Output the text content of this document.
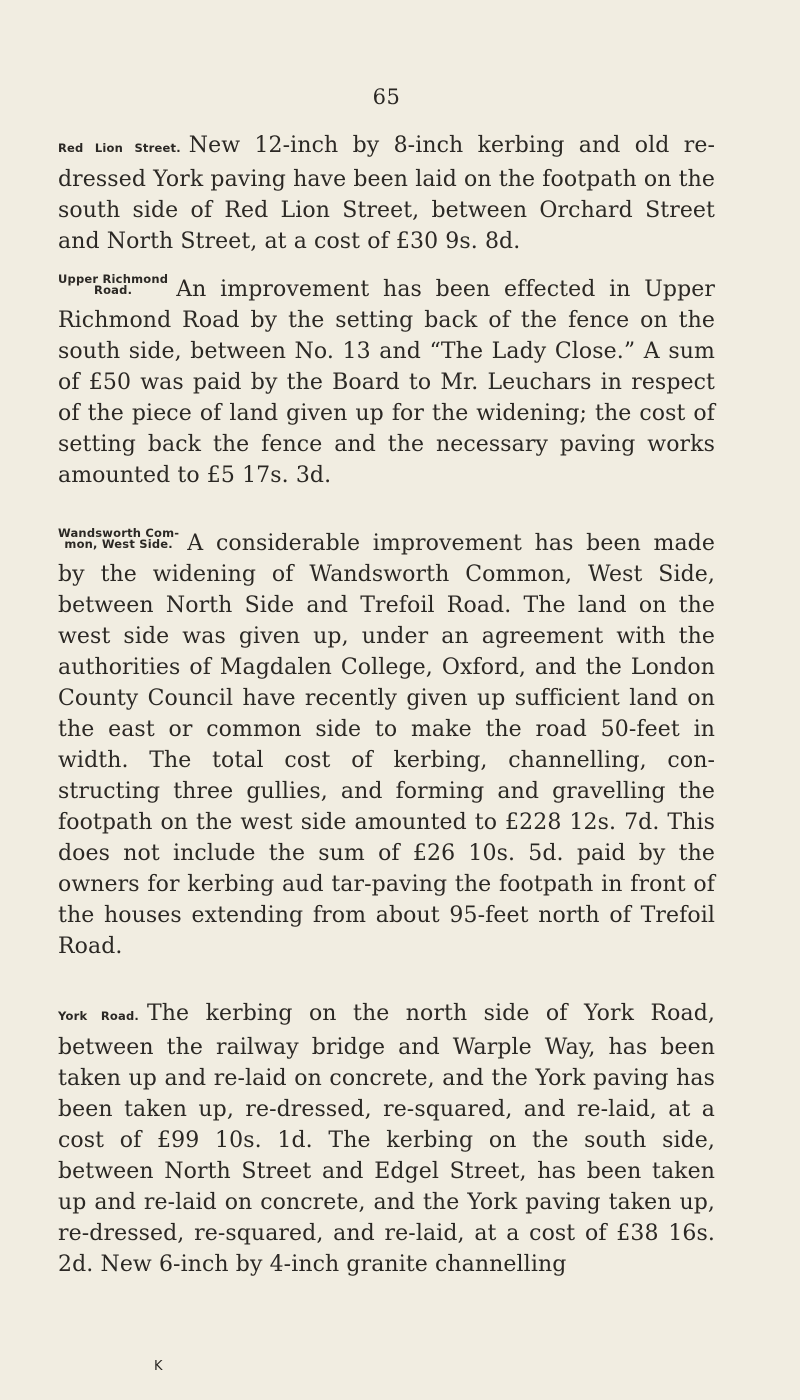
65
Red Lion Street. New 12-inch by 8-inch kerbing and old re-dressed York paving have been laid on the footpath on the south side of Red Lion Street, between Orchard Street and North Street, at a cost of £30 9s. 8d.
Upper Richmond
Road.	An improvement has been effected in Upper Richmond Road by the setting back of the fence on the south side, between No. 13 and “The Lady Close.” A sum of £50 was paid by the Board to Mr. Leuchars in respect of the piece of land given up for the widening; the cost of setting back the fence and the necessary paving works amounted to £5 17s. 3d.
Wandsworth Com-
mon, West Side. A considerable improvement has been made by the widening of Wandsworth Common, West Side, between North Side and Trefoil Road. The land on the west side was given up, under an agreement with the authorities of Magdalen College, Oxford, and the London County Council have recently given up sufficient land on the east or common side to make the road 50-feet in width. The total cost of kerbing, channelling, con-structing three gullies, and forming and gravelling the footpath on the west side amounted to £228 12s. 7d. This does not include the sum of £26 10s. 5d. paid by the owners for kerbing aud tar-paving the footpath in front of the houses extending from about 95-feet north of Trefoil Road.
York Road. The kerbing on the north side of York Road, between the railway bridge and Warple Way, has been taken up and re-laid on concrete, and the York paving has been taken up, re-dressed, re-squared, and re-laid, at a cost of £99 10s. 1d. The kerbing on the south side, between North Street and Edgel Street, has been taken up and re-laid on concrete, and the York paving taken up, re-dressed, re-squared, and re-laid, at a cost of £38 16s. 2d. New 6-inch by 4-inch granite channelling
K
